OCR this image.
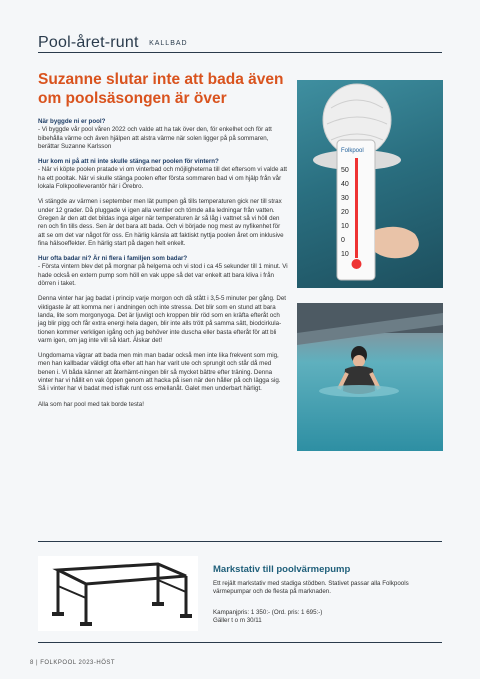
Pool-året-runt KALLBAD
Suzanne slutar inte att bada även om poolsäsongen är över

När byggde ni er pool?
- Vi byggde vår pool våren 2022 och valde att ha tak över den, för enkelhet och för att bibehålla värme och även hjälpen att alstra värme när solen ligger på på sommaren, berättar Suzanne Karlsson

Hur kom ni på att ni inte skulle stänga ner poolen för vintern?
- När vi köpte poolen pratade vi om vinterbad och möjligheterna till det eftersom vi valde att ha ett pooltak. När vi skulle stänga poolen efter första sommaren bad vi om hjälp från vår lokala Folkpoolleverantör här i Örebro.

Vi stängde av värmen i september men lät pumpen gå tills temperaturen gick ner till strax under 12 grader. Då pluggade vi igen alla ventiler och tömde alla ledningar från vatten. Gregen är den att det bildas inga alger när temperaturen är så låg i vattnet så vi höll den ren och fin tills dess. Sen är det bara att bada. Och vi började nog mest av nyfikenhet för att se om det var något för oss. En härlig känsla att faktiskt nyttja poolen året om inklusive fina hälsoeffekter. En härlig start på dagen helt enkelt.

Hur ofta badar ni? Är ni flera i familjen som badar?
- Första vintern blev det på morgnar på helgerna och vi stod i ca 45 sekunder till 1 minut. Vi hade också en extern pump som höll en vak uppe så det var enkelt att bara kliva i från dörren i taket.

Denna vinter har jag badat i princip varje morgon och då stått i 3,5-5 minuter per gång. Det viktigaste är att komma ner i andningen och inte stressa. Det blir som en stund att bara landa, lite som morgonyoga. Det är ljuvligt och kroppen blir röd som en kräfta efteråt och jag blir pigg och får extra energi hela dagen, blir inte alls trött på samma sätt, biodcirkula-tionen kommer verkligen igång och jag behöver inte duscha eller basta efteråt för att bli varm igen, om jag inte vill så klart. Älskar det!

Ungdomarna vägrar att bada men min man badar också men inte lika frekvent som mig, men han kallbadar väldigt ofta efter att han har varit ute och sprungit och står då med benen i. Vi båda känner att återhämt-ningen blir så mycket bättre efter träning. Denna vinter har vi hållit en vak öppen genom att hacka på isen när den håller på och lägga sig. Så i vinter har vi badat med isflak runt oss emellanåt. Galet men underbart härligt.

Alla som har pool med tak borde testa!

Folkpool
50
40
30
20
10
0
10
Markstativ till poolvärmepump
Ett rejält markstativ med stadiga stödben. Stativet passar alla Folkpools värmepumpar och de flesta på marknaden.
Kampanjpris: 1 350:- (Ord. pris: 1 695:-)
Gäller t o m 30/11
8 | FOLKPOOL 2023-HÖST
